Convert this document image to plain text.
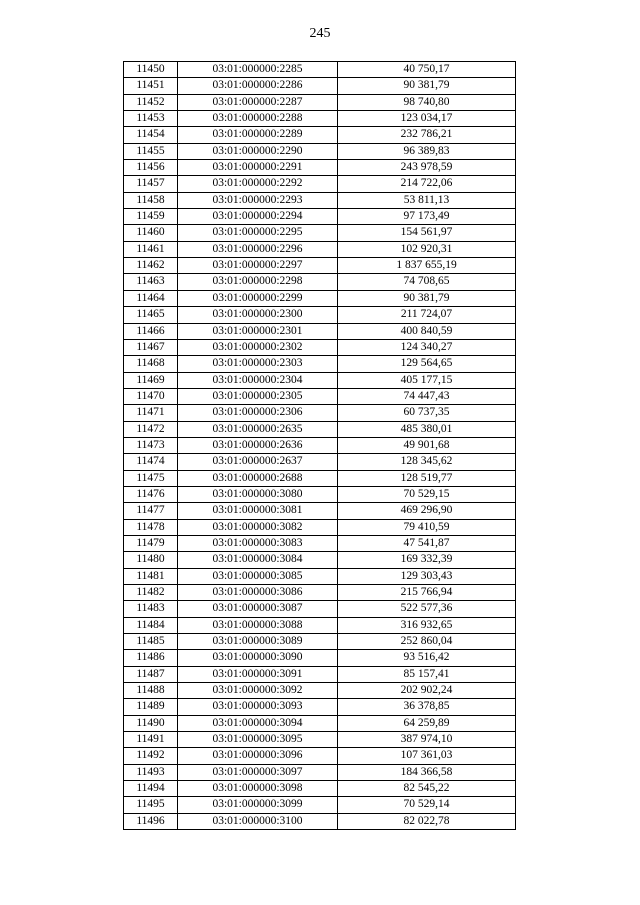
245
11450	03:01:000000:2285	40 750,17
11451	03:01:000000:2286	90 381,79
11452	03:01:000000:2287	98 740,80
11453	03:01:000000:2288	123 034,17
11454	03:01:000000:2289	232 786,21
11455	03:01:000000:2290	96 389,83
11456	03:01:000000:2291	243 978,59
11457	03:01:000000:2292	214 722,06
11458	03:01:000000:2293	53 811,13
11459	03:01:000000:2294	97 173,49
11460	03:01:000000:2295	154 561,97
11461	03:01:000000:2296	102 920,31
11462	03:01:000000:2297	1 837 655,19
11463	03:01:000000:2298	74 708,65
11464	03:01:000000:2299	90 381,79
11465	03:01:000000:2300	211 724,07
11466	03:01:000000:2301	400 840,59
11467	03:01:000000:2302	124 340,27
11468	03:01:000000:2303	129 564,65
11469	03:01:000000:2304	405 177,15
11470	03:01:000000:2305	74 447,43
11471	03:01:000000:2306	60 737,35
11472	03:01:000000:2635	485 380,01
11473	03:01:000000:2636	49 901,68
11474	03:01:000000:2637	128 345,62
11475	03:01:000000:2688	128 519,77
11476	03:01:000000:3080	70 529,15
11477	03:01:000000:3081	469 296,90
11478	03:01:000000:3082	79 410,59
11479	03:01:000000:3083	47 541,87
11480	03:01:000000:3084	169 332,39
11481	03:01:000000:3085	129 303,43
11482	03:01:000000:3086	215 766,94
11483	03:01:000000:3087	522 577,36
11484	03:01:000000:3088	316 932,65
11485	03:01:000000:3089	252 860,04
11486	03:01:000000:3090	93 516,42
11487	03:01:000000:3091	85 157,41
11488	03:01:000000:3092	202 902,24
11489	03:01:000000:3093	36 378,85
11490	03:01:000000:3094	64 259,89
11491	03:01:000000:3095	387 974,10
11492	03:01:000000:3096	107 361,03
11493	03:01:000000:3097	184 366,58
11494	03:01:000000:3098	82 545,22
11495	03:01:000000:3099	70 529,14
11496	03:01:000000:3100	82 022,78
